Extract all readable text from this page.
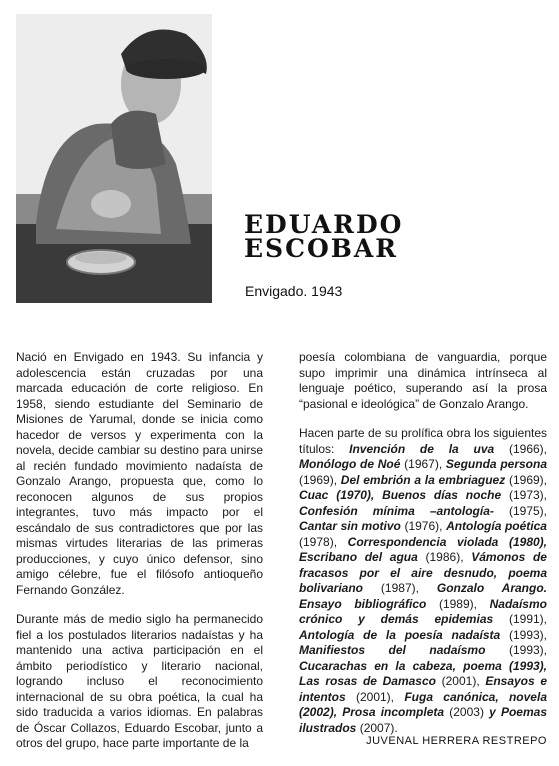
EDUARDO
ESCOBAR
Envigado. 1943

Nació en Envigado en 1943. Su infancia y adolescencia están cruzadas por una marcada educación de corte religioso. En 1958, siendo estudiante del Seminario de Misiones de Yarumal, donde se inicia como hacedor de versos y experimenta con la novela, decide cambiar su destino para unirse al recién fundado movimiento nadaísta de Gonzalo Arango, propuesta que, como lo reconocen algunos de sus propios integrantes, tuvo más impacto por el escándalo de sus contradictores que por las mismas virtudes literarias de las primeras producciones, y cuyo único defensor, sino amigo célebre, fue el filósofo antioqueño Fernando González.

Durante más de medio siglo ha permanecido fiel a los postulados literarios nadaístas y ha mantenido una activa participación en el ámbito periodístico y literario nacional, logrando incluso el reconocimiento internacional de su obra poética, la cual ha sido traducida a varios idiomas. En palabras de Óscar Collazos, Eduardo Escobar, junto a otros del grupo, hace parte importante de la

poesía colombiana de vanguardia, porque supo imprimir una dinámica intrínseca al lenguaje poético, superando así la prosa “pasional e ideológica” de Gonzalo Arango.

Hacen parte de su prolífica obra los siguientes títulos: Invención de la uva (1966), Monólogo de Noé (1967), Segunda persona (1969), Del embrión a la embriaguez (1969), Cuac (1970), Buenos días noche (1973), Confesión mínima –antología- (1975), Cantar sin motivo (1976), Antología poética (1978), Correspondencia violada (1980), Escribano del agua (1986), Vámonos de fracasos por el aire desnudo, poema bolivariano (1987), Gonzalo Arango. Ensayo bibliográfico (1989), Nadaísmo crónico y demás epidemias (1991), Antología de la poesía nadaísta (1993), Manifiestos del nadaísmo (1993), Cucarachas en la cabeza, poema (1993), Las rosas de Damasco (2001), Ensayos e intentos (2001), Fuga canónica, novela (2002), Prosa incompleta (2003) y Poemas ilustrados (2007).

JUVENAL HERRERA RESTREPO
